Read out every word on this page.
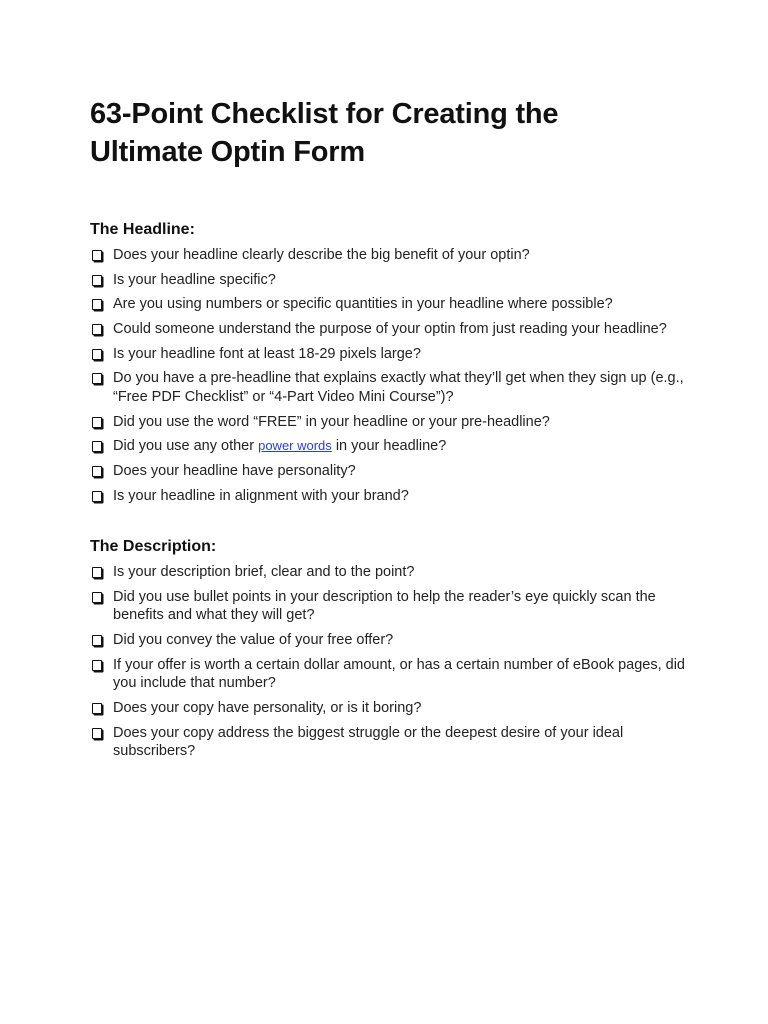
63-Point Checklist for Creating the
Ultimate Optin Form
The Headline:
Does your headline clearly describe the big benefit of your optin?
Is your headline specific?
Are you using numbers or specific quantities in your headline where possible?
Could someone understand the purpose of your optin from just reading your headline?
Is your headline font at least 18-29 pixels large?
Do you have a pre-headline that explains exactly what they’ll get when they sign up (e.g., “Free PDF Checklist” or “4-Part Video Mini Course”)?
Did you use the word “FREE” in your headline or your pre-headline?
Did you use any other power words in your headline?
Does your headline have personality?
Is your headline in alignment with your brand?
The Description:
Is your description brief, clear and to the point?
Did you use bullet points in your description to help the reader’s eye quickly scan the benefits and what they will get?
Did you convey the value of your free offer?
If your offer is worth a certain dollar amount, or has a certain number of eBook pages, did you include that number?
Does your copy have personality, or is it boring?
Does your copy address the biggest struggle or the deepest desire of your ideal subscribers?
